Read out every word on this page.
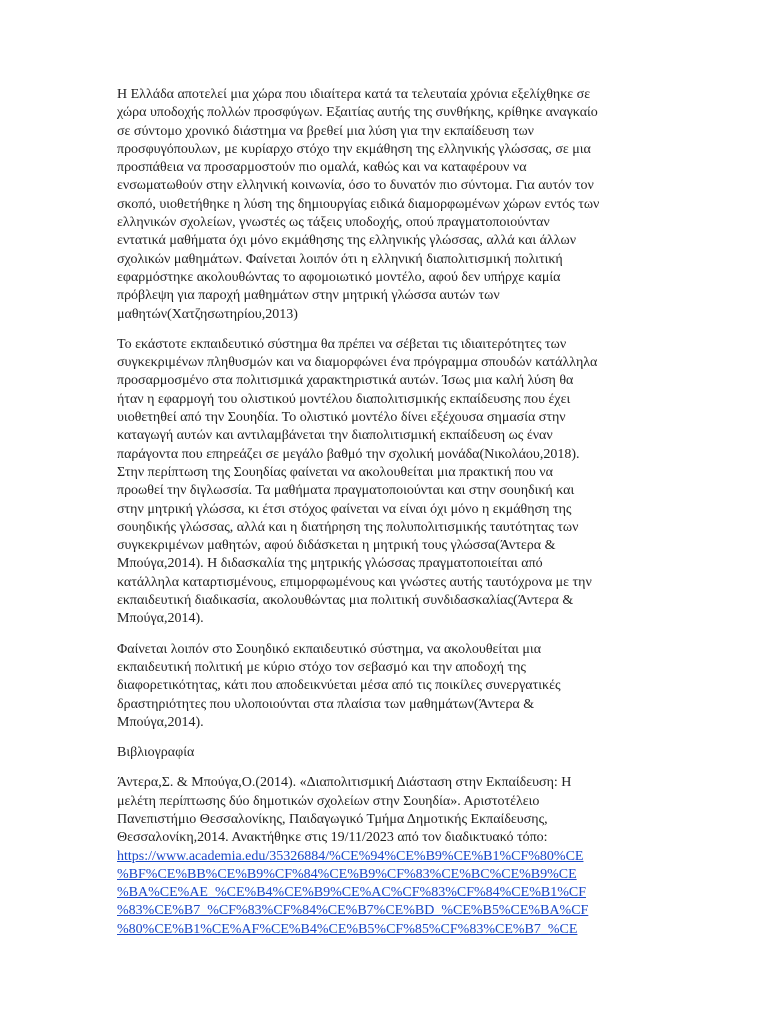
Η Ελλάδα αποτελεί μια χώρα που ιδιαίτερα κατά τα τελευταία χρόνια εξελίχθηκε σε
χώρα υποδοχής πολλών προσφύγων. Εξαιτίας αυτής της συνθήκης, κρίθηκε αναγκαίο
σε σύντομο χρονικό διάστημα να βρεθεί μια λύση για την εκπαίδευση των
προσφυγόπουλων, με κυρίαρχο στόχο την εκμάθηση της ελληνικής γλώσσας, σε μια
προσπάθεια να προσαρμοστούν πιο ομαλά, καθώς και να καταφέρουν να
ενσωματωθούν στην ελληνική κοινωνία, όσο το δυνατόν πιο σύντομα. Για αυτόν τον
σκοπό, υιοθετήθηκε η λύση της δημιουργίας ειδικά διαμορφωμένων χώρων εντός των
ελληνικών σχολείων, γνωστές ως τάξεις υποδοχής, οπού πραγματοποιούνταν
εντατικά μαθήματα όχι μόνο εκμάθησης της ελληνικής γλώσσας, αλλά και άλλων
σχολικών μαθημάτων. Φαίνεται λοιπόν ότι η ελληνική διαπολιτισμική πολιτική
εφαρμόστηκε ακολουθώντας το αφομοιωτικό μοντέλο, αφού δεν υπήρχε καμία
πρόβλεψη για παροχή μαθημάτων στην μητρική γλώσσα αυτών των
μαθητών(Χατζησωτηρίου,2013)

Το εκάστοτε εκπαιδευτικό σύστημα θα πρέπει να σέβεται τις ιδιαιτερότητες των
συγκεκριμένων πληθυσμών και να διαμορφώνει ένα πρόγραμμα σπουδών κατάλληλα
προσαρμοσμένο στα πολιτισμικά χαρακτηριστικά αυτών. Ίσως μια καλή λύση θα
ήταν η εφαρμογή του ολιστικού μοντέλου διαπολιτισμικής εκπαίδευσης που έχει
υιοθετηθεί από την Σουηδία. Το ολιστικό μοντέλο δίνει εξέχουσα σημασία στην
καταγωγή αυτών και αντιλαμβάνεται την διαπολιτισμική εκπαίδευση ως έναν
παράγοντα που επηρεάζει σε μεγάλο βαθμό την σχολική μονάδα(Νικολάου,2018).
Στην περίπτωση της Σουηδίας φαίνεται να ακολουθείται μια πρακτική που να
προωθεί την διγλωσσία. Τα μαθήματα πραγματοποιούνται και στην σουηδική και
στην μητρική γλώσσα, κι έτσι στόχος φαίνεται να είναι όχι μόνο η εκμάθηση της
σουηδικής γλώσσας, αλλά και η διατήρηση της πολυπολιτισμικής ταυτότητας των
συγκεκριμένων μαθητών, αφού διδάσκεται η μητρική τους γλώσσα(Άντερα &
Μπούγα,2014). Η διδασκαλία της μητρικής γλώσσας πραγματοποιείται από
κατάλληλα καταρτισμένους, επιμορφωμένους και γνώστες αυτής ταυτόχρονα με την
εκπαιδευτική διαδικασία, ακολουθώντας μια πολιτική συνδιδασκαλίας(Άντερα &
Μπούγα,2014).

Φαίνεται λοιπόν στο Σουηδικό εκπαιδευτικό σύστημα, να ακολουθείται μια
εκπαιδευτική πολιτική με κύριο στόχο τον σεβασμό και την αποδοχή της
διαφορετικότητας, κάτι που αποδεικνύεται μέσα από τις ποικίλες συνεργατικές
δραστηριότητες που υλοποιούνται στα πλαίσια των μαθημάτων(Άντερα &
Μπούγα,2014).

Βιβλιογραφία

Άντερα,Σ. & Μπούγα,Ο.(2014). «Διαπολιτισμική Διάσταση στην Εκπαίδευση: Η
μελέτη περίπτωσης δύο δημοτικών σχολείων στην Σουηδία». Αριστοτέλειο
Πανεπιστήμιο Θεσσαλονίκης, Παιδαγωγικό Τμήμα Δημοτικής Εκπαίδευσης,
Θεσσαλονίκη,2014. Ανακτήθηκε στις 19/11/2023 από τον διαδικτυακό τόπο:
https://www.academia.edu/35326884/%CE%94%CE%B9%CE%B1%CF%80%CE
%BF%CE%BB%CE%B9%CF%84%CE%B9%CF%83%CE%BC%CE%B9%CE
%BA%CE%AE_%CE%B4%CE%B9%CE%AC%CF%83%CF%84%CE%B1%CF
%83%CE%B7_%CF%83%CF%84%CE%B7%CE%BD_%CE%B5%CE%BA%CF
%80%CE%B1%CE%AF%CE%B4%CE%B5%CF%85%CF%83%CE%B7_%CE
